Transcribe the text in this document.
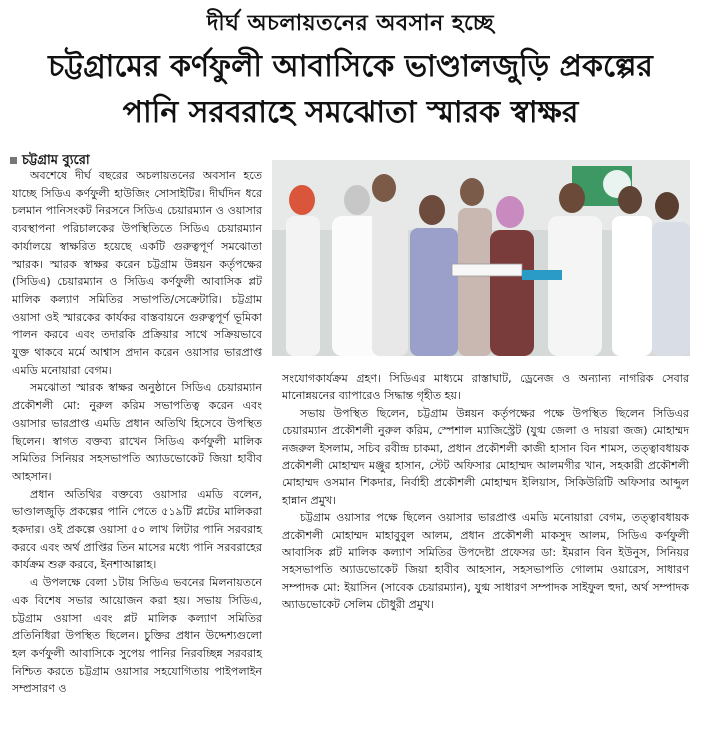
দীর্ঘ অচলায়তনের অবসান হচ্ছে
চট্টগ্রামের কর্ণফুলী আবাসিকে ভাণ্ডালজুড়ি প্রকল্পের
পানি সরবরাহে সমঝোতা স্মারক স্বাক্ষর
চট্টগ্রাম ব্যুরো

অবশেষে দীর্ঘ বছরের অচলায়তনের অবসান হতে যাচ্ছে সিডিএ কর্ণফুলী হাউজিং সোসাইটির। দীর্ঘদিন ধরে চলমান পানিসংকট নিরসনে সিডিএ চেয়ারম্যান ও ওয়াসার ব্যবস্থাপনা পরিচালকের উপস্থিতিতে সিডিএ চেয়ারম্যান কার্যালয়ে স্বাক্ষরিত হয়েছে একটি গুরুত্বপূর্ণ সমঝোতা স্মারক। স্মারক স্বাক্ষর করেন চট্টগ্রাম উন্নয়ন কর্তৃপক্ষের (সিডিএ) চেয়ারম্যান ও সিডিএ কর্ণফুলী আবাসিক প্লট মালিক কল্যাণ সমিতির সভাপতি/সেক্রেটারি। চট্টগ্রাম ওয়াসা ওই স্মারকের কার্যকর বাস্তবায়নে গুরুত্বপূর্ণ ভূমিকা পালন করবে এবং তদারকি প্রক্রিয়ার সাথে সক্রিয়ভাবে যুক্ত থাকবে মর্মে আশ্বাস প্রদান করেন ওয়াসার ভারপ্রাপ্ত এমডি মনোয়ারা বেগম।

সমঝোতা স্মারক স্বাক্ষর অনুষ্ঠানে সিডিএ চেয়ারম্যান প্রকৌশলী মো: নুরুল করিম সভাপতিত্ব করেন এবং ওয়াসার ভারপ্রাপ্ত এমডি প্রধান অতিথি হিসেবে উপস্থিত ছিলেন। স্বাগত বক্তব্য রাখেন সিডিএ কর্ণফুলী মালিক সমিতির সিনিয়র সহসভাপতি অ্যাডভোকেট জিয়া হাবীব আহসান।

প্রধান অতিথির বক্তব্যে ওয়াসার এমডি বলেন, ভাণ্ডালজুড়ি প্রকল্পের পানি পেতে ৫১৯টি প্লটের মালিকরা হকদার। ওই প্রকল্পে ওয়াসা ৫০ লাখ লিটার পানি সরবরাহ করবে এবং অর্থ প্রাপ্তির তিন মাসের মধ্যে পানি সরবরাহের কার্যক্রম শুরু করবে, ইনশাআল্লাহ।

এ উপলক্ষে বেলা ১টায় সিডিএ ভবনের মিলনায়তনে এক বিশেষ সভার আয়োজন করা হয়। সভায় সিডিএ, চট্টগ্রাম ওয়াসা এবং প্লট মালিক কল্যাণ সমিতির প্রতিনিধিরা উপস্থিত ছিলেন। চুক্তির প্রধান উদ্দেশ্যগুলো হল কর্ণফুলী আবাসিকে সুপেয় পানির নিরবচ্ছিন্ন সরবরাহ নিশ্চিত করতে চট্টগ্রাম ওয়াসার সহযোগিতায় পাইপলাইন সম্প্রসারণ ও

সংযোগকার্যক্রম গ্রহণ। সিডিএর মাধ্যমে রাস্তাঘাট, ড্রেনেজ ও অন্যান্য নাগরিক সেবার মানোন্নয়নের ব্যাপারেও সিদ্ধান্ত গৃহীত হয়।

সভায় উপস্থিত ছিলেন, চট্টগ্রাম উন্নয়ন কর্তৃপক্ষের পক্ষে উপস্থিত ছিলেন সিডিএর চেয়ারম্যান প্রকৌশলী নুরুল করিম, স্পেশাল ম্যাজিস্ট্রেট (যুগ্ম জেলা ও দায়রা জজ) মোহাম্মদ নজরুল ইসলাম, সচিব রবীন্দ্র চাকমা, প্রধান প্রকৌশলী কাজী হাসান বিন শামস, তত্ত্বাবধায়ক প্রকৌশলী মোহাম্মদ মঞ্জুর হাসান, স্টেট অফিসার মোহাম্মদ আলমগীর খান, সহকারী প্রকৌশলী মোহাম্মদ ওসমান শিকদার, নির্বাহী প্রকৌশলী মোহাম্মদ ইলিয়াস, সিকিউরিটি অফিসার আব্দুল হান্নান প্রমুখ।

চট্টগ্রাম ওয়াসার পক্ষে ছিলেন ওয়াসার ভারপ্রাপ্ত এমডি মনোয়ারা বেগম, তত্ত্বাবধায়ক প্রকৌশলী মোহাম্মদ মাহাবুবুল আলম, প্রধান প্রকৌশলী মাকসুদ আলম, সিডিএ কর্ণফুলী আবাসিক প্লট মালিক কল্যাণ সমিতির উপদেষ্টা প্রফেসর ডা: ইমরান বিন ইউনুস, সিনিয়র সহসভাপতি অ্যাডভোকেট জিয়া হাবীব আহসান, সহসভাপতি গোলাম ওয়ারেস, সাধারণ সম্পাদক মো: ইয়াসিন (সাবেক চেয়ারম্যান), যুগ্ম সাধারণ সম্পাদক সাইফুল হুদা, অর্থ সম্পাদক অ্যাডভোকেট সেলিম চৌধুরী প্রমুখ।
